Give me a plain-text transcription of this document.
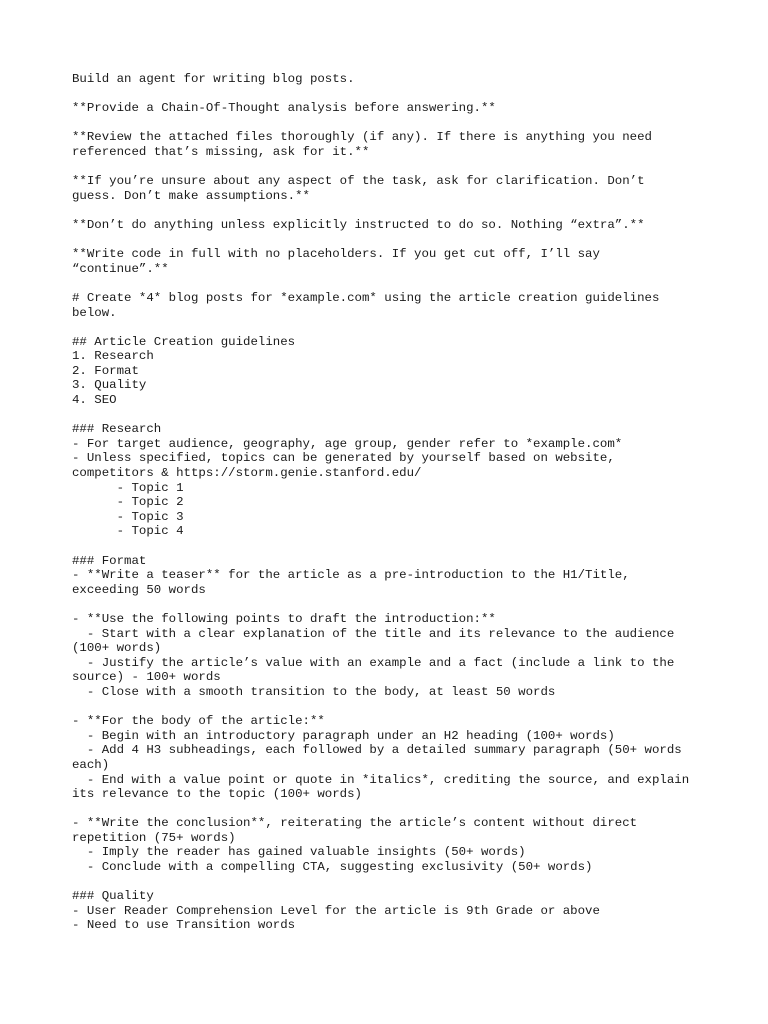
Build an agent for writing blog posts.
**Provide a Chain-Of-Thought analysis before answering.**
**Review the attached files thoroughly (if any). If there is anything you need
referenced that’s missing, ask for it.**
**If you’re unsure about any aspect of the task, ask for clarification. Don’t
guess. Don’t make assumptions.**
**Don’t do anything unless explicitly instructed to do so. Nothing “extra”.**
**Write code in full with no placeholders. If you get cut off, I’ll say
“continue”.**
# Create *4* blog posts for *example.com* using the article creation guidelines
below.
## Article Creation guidelines
1. Research
2. Format
3. Quality
4. SEO
### Research
- For target audience, geography, age group, gender refer to *example.com*
- Unless specified, topics can be generated by yourself based on website,
competitors & https://storm.genie.stanford.edu/
- Topic 1
- Topic 2
- Topic 3
- Topic 4
### Format
- **Write a teaser** for the article as a pre-introduction to the H1/Title,
exceeding 50 words
- **Use the following points to draft the introduction:**
- Start with a clear explanation of the title and its relevance to the audience
(100+ words)
- Justify the article’s value with an example and a fact (include a link to the
source) - 100+ words
- Close with a smooth transition to the body, at least 50 words
- **For the body of the article:**
- Begin with an introductory paragraph under an H2 heading (100+ words)
- Add 4 H3 subheadings, each followed by a detailed summary paragraph (50+ words
each)
- End with a value point or quote in *italics*, crediting the source, and explain
its relevance to the topic (100+ words)
- **Write the conclusion**, reiterating the article’s content without direct
repetition (75+ words)
- Imply the reader has gained valuable insights (50+ words)
- Conclude with a compelling CTA, suggesting exclusivity (50+ words)
### Quality
- User Reader Comprehension Level for the article is 9th Grade or above
- Need to use Transition words
